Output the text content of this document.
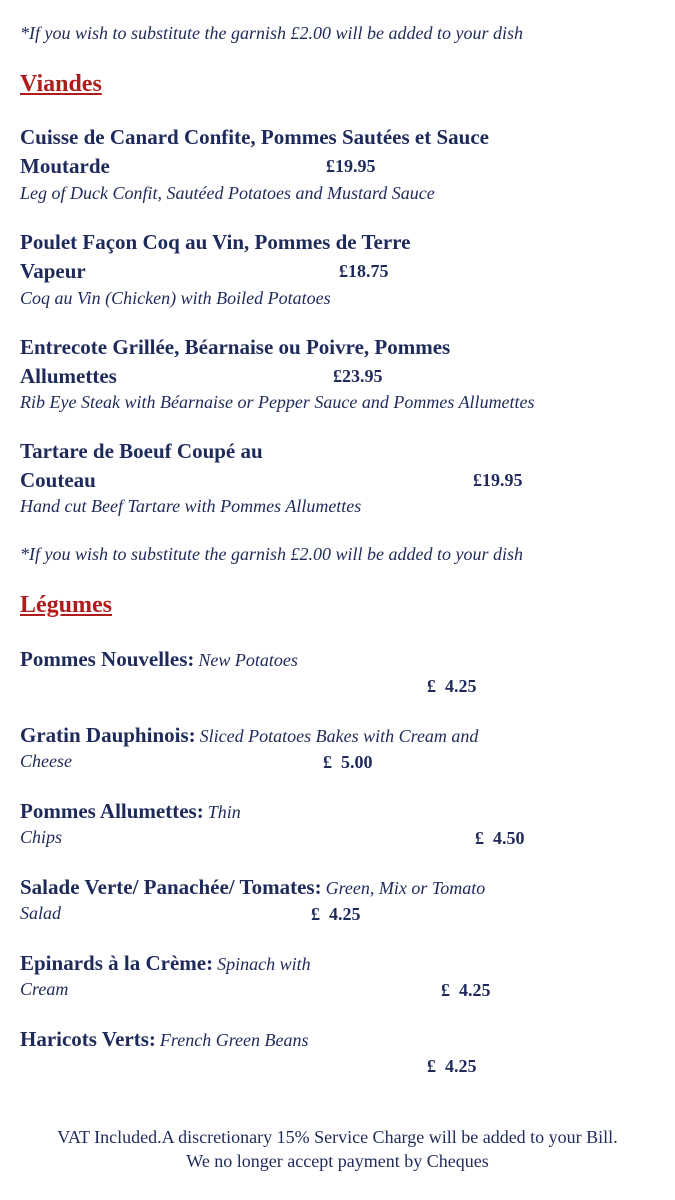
*If you wish to substitute the garnish £2.00 will be added to your dish
Viandes
Cuisse de Canard Confite, Pommes Sautées et Sauce
Moutarde	£19.95
Leg of Duck Confit, Sautéed Potatoes and Mustard Sauce
Poulet Façon Coq au Vin, Pommes de Terre
Vapeur	£18.75
Coq au Vin (Chicken) with Boiled Potatoes
Entrecote Grillée, Béarnaise ou Poivre, Pommes
Allumettes	£23.95
Rib Eye Steak with Béarnaise or Pepper Sauce and Pommes Allumettes
Tartare de Boeuf Coupé au
Couteau	£19.95
Hand cut Beef Tartare with Pommes Allumettes
*If you wish to substitute the garnish £2.00 will be added to your dish
Légumes
Pommes Nouvelles: New Potatoes
£  4.25
Gratin Dauphinois: Sliced Potatoes Bakes with Cream and
Cheese	£  5.00
Pommes Allumettes: Thin
Chips	£  4.50
Salade Verte/ Panachée/ Tomates: Green, Mix or Tomato
Salad	£  4.25
Epinards à la Crème: Spinach with
Cream	£  4.25
Haricots Verts: French Green Beans
£  4.25
VAT Included.A discretionary 15% Service Charge will be added to your Bill.
We no longer accept payment by Cheques
